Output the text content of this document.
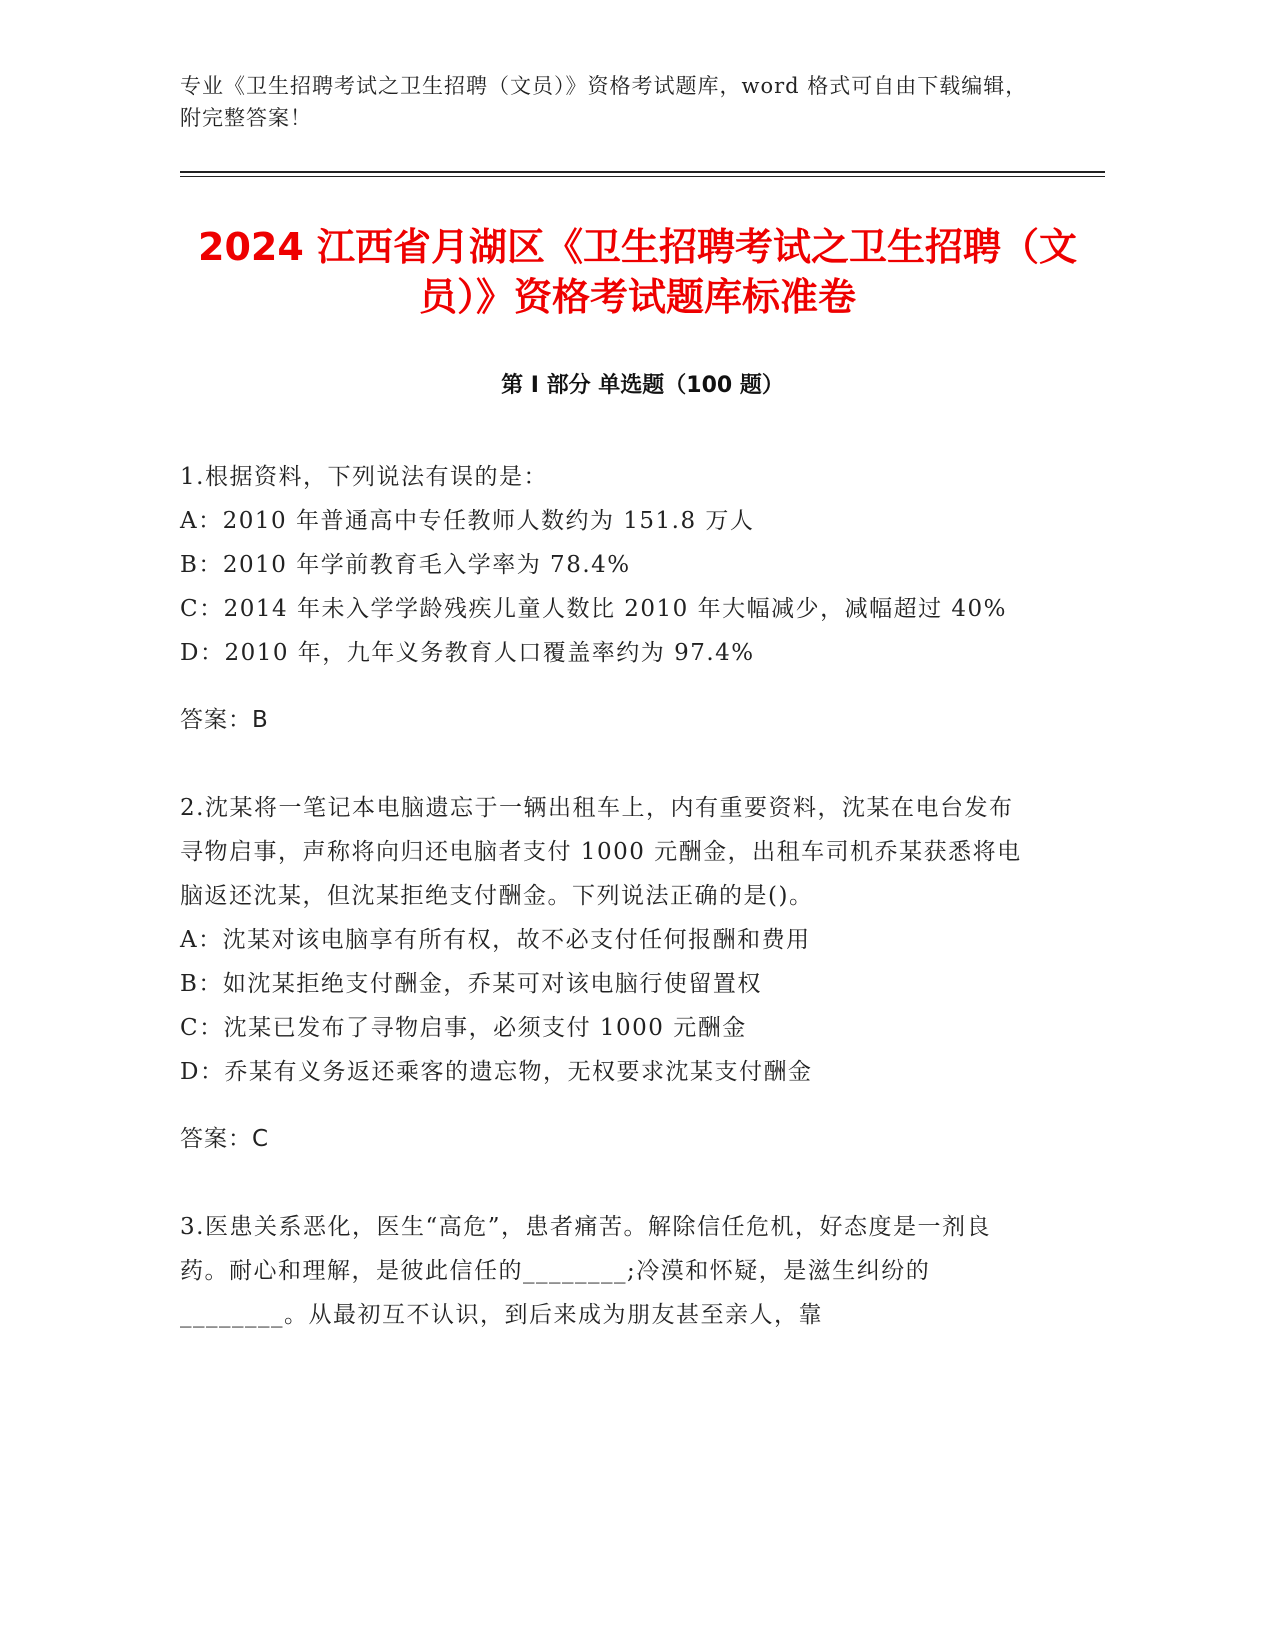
专业《卫生招聘考试之卫生招聘（文员）》资格考试题库，word 格式可自由下载编辑，附完整答案！
2024 江西省月湖区《卫生招聘考试之卫生招聘（文员）》资格考试题库标准卷
第 I 部分 单选题（100 题）

1.根据资料，下列说法有误的是：

A：2010 年普通高中专任教师人数约为 151.8 万人

B：2010 年学前教育毛入学率为 78.4%

C：2014 年未入学学龄残疾儿童人数比 2010 年大幅减少，减幅超过 40%

D：2010 年，九年义务教育人口覆盖率约为 97.4%

答案：B

2.沈某将一笔记本电脑遗忘于一辆出租车上，内有重要资料，沈某在电台发布寻物启事，声称将向归还电脑者支付 1000 元酬金，出租车司机乔某获悉将电脑返还沈某，但沈某拒绝支付酬金。下列说法正确的是()。

A：沈某对该电脑享有所有权，故不必支付任何报酬和费用

B：如沈某拒绝支付酬金，乔某可对该电脑行使留置权

C：沈某已发布了寻物启事，必须支付 1000 元酬金

D：乔某有义务返还乘客的遗忘物，无权要求沈某支付酬金

答案：C

3.医患关系恶化，医生“高危”，患者痛苦。解除信任危机，好态度是一剂良药。耐心和理解，是彼此信任的________;冷漠和怀疑，是滋生纠纷的________。从最初互不认识，到后来成为朋友甚至亲人，靠
